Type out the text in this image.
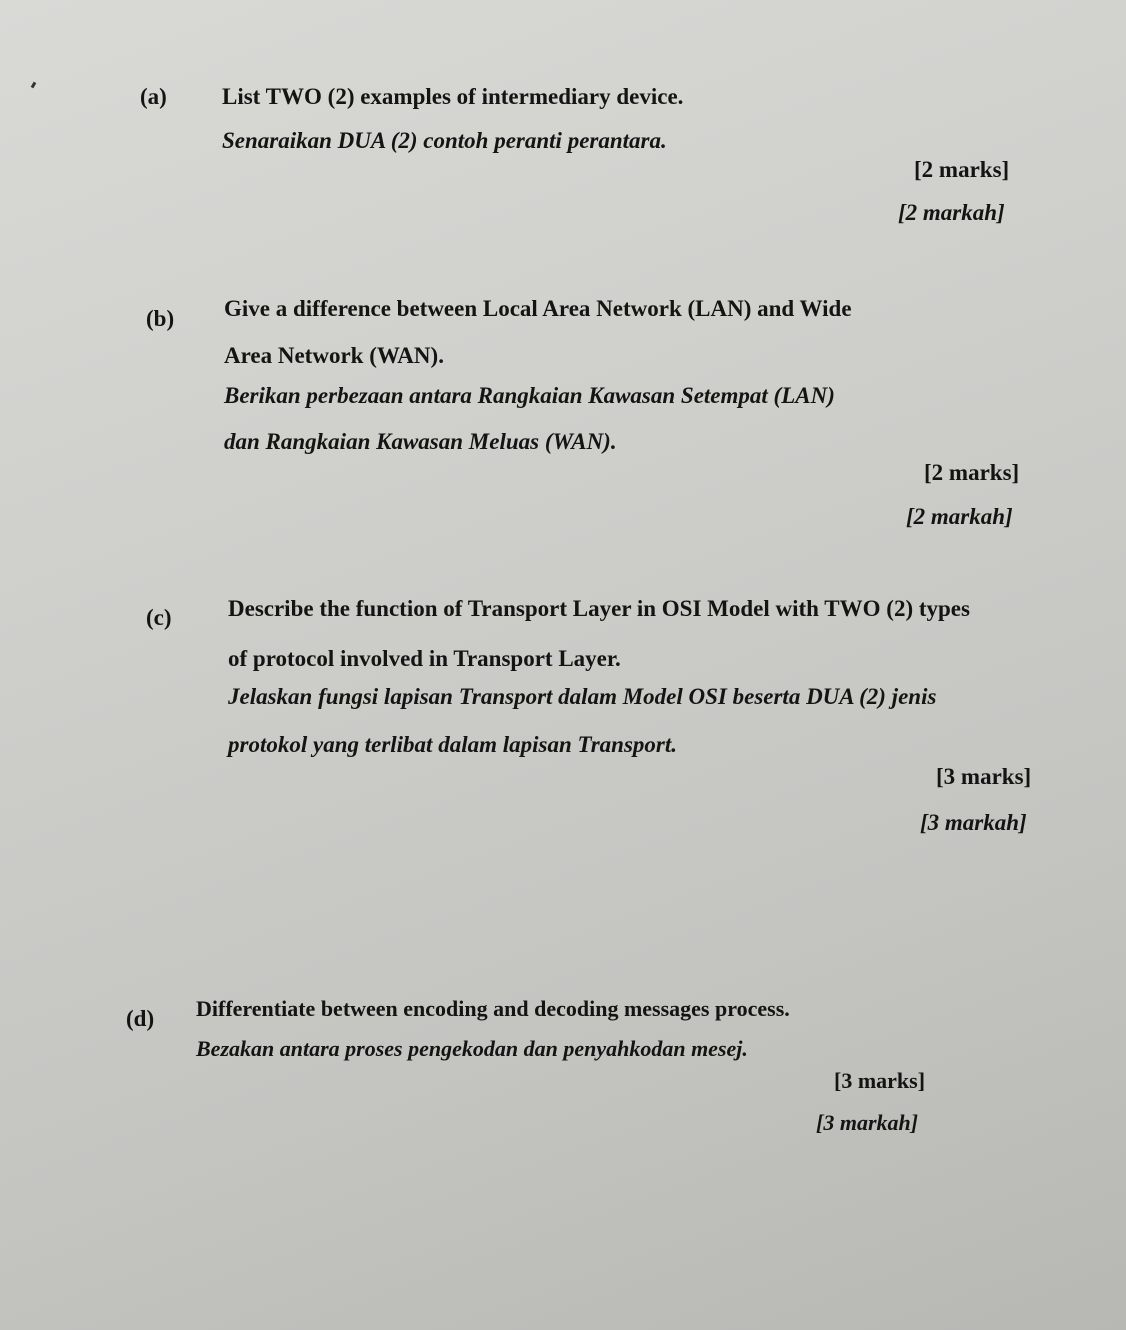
(a) List TWO (2) examples of intermediary device.
Senaraikan DUA (2) contoh peranti perantara.
[2 marks]
[2 markah]
(b) Give a difference between Local Area Network (LAN) and Wide
Area Network (WAN).
Berikan perbezaan antara Rangkaian Kawasan Setempat (LAN)
dan Rangkaian Kawasan Meluas (WAN).
[2 marks]
[2 markah]
(c) Describe the function of Transport Layer in OSI Model with TWO (2) types
of protocol involved in Transport Layer.
Jelaskan fungsi lapisan Transport dalam Model OSI beserta DUA (2) jenis
protokol yang terlibat dalam lapisan Transport.
[3 marks]
[3 markah]
(d) Differentiate between encoding and decoding messages process.
Bezakan antara proses pengekodan dan penyahkodan mesej.
[3 marks]
[3 markah]
